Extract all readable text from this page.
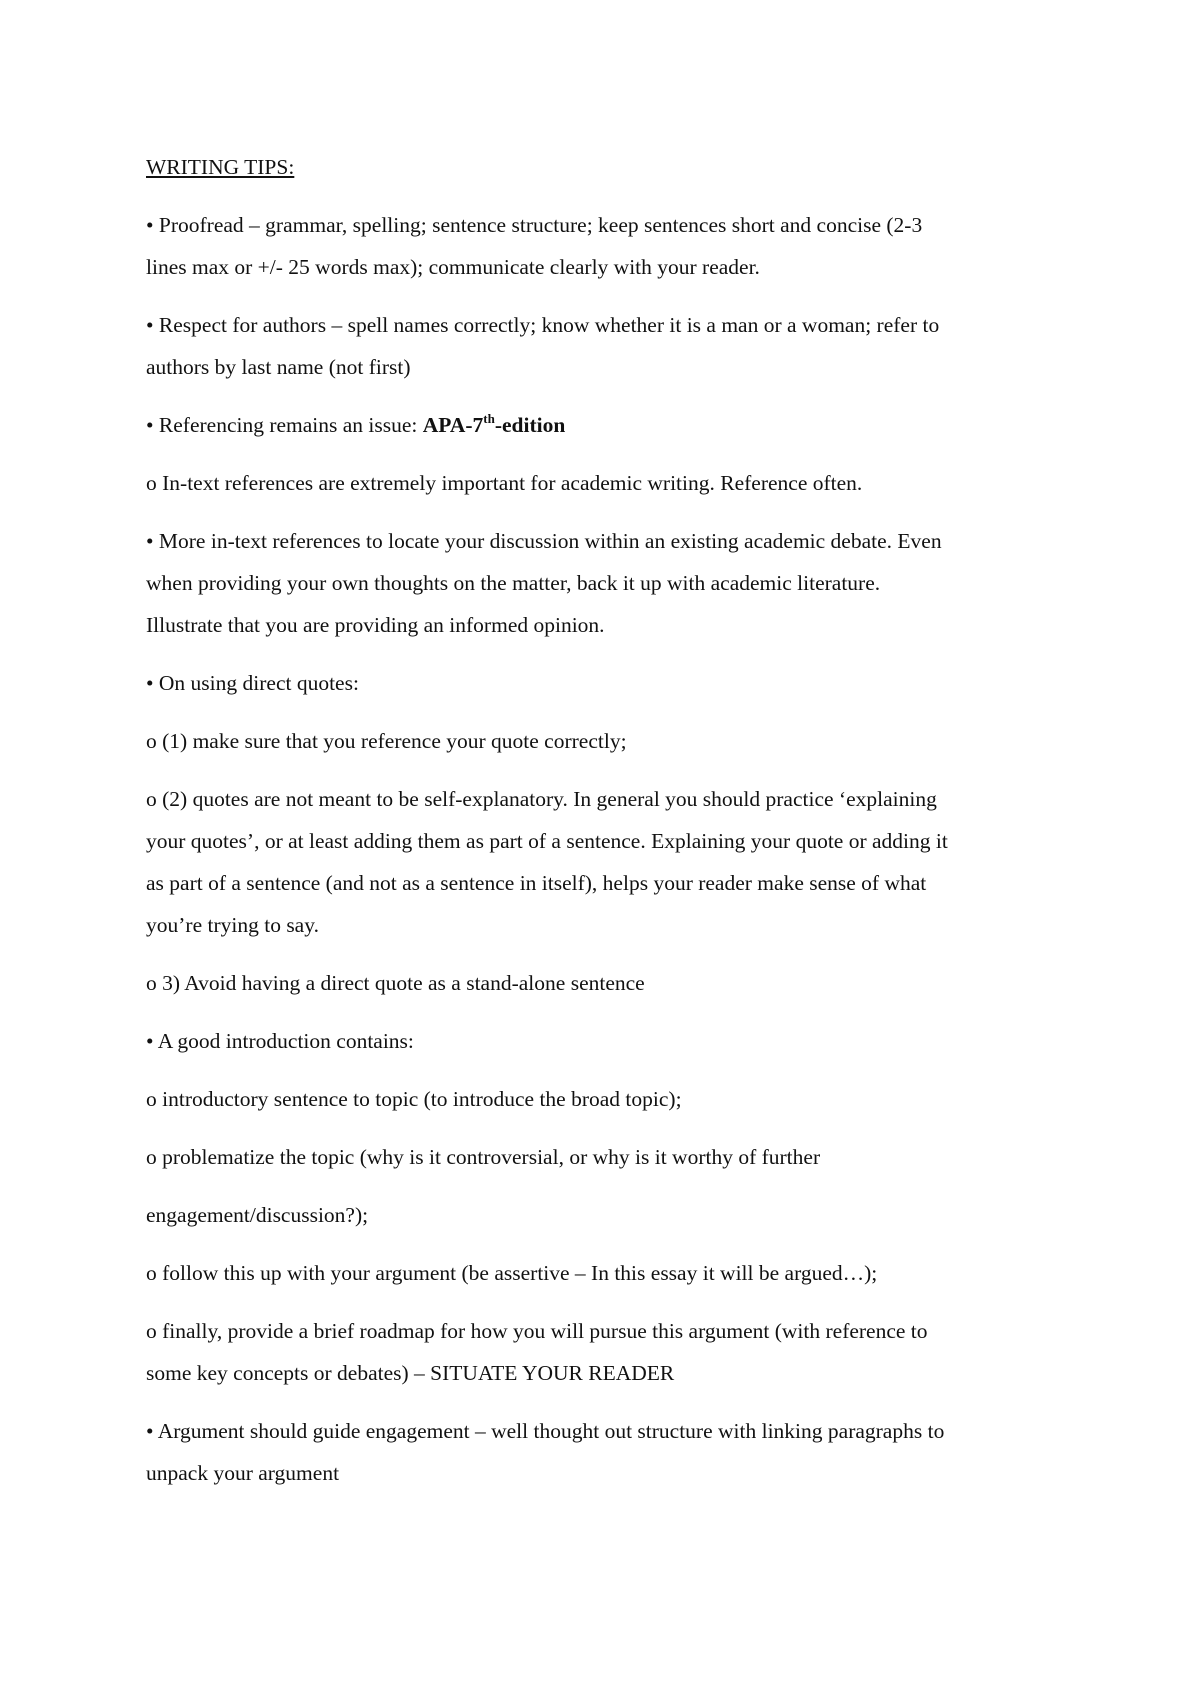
WRITING TIPS:
• Proofread – grammar, spelling; sentence structure; keep sentences short and concise (2-3
lines max or +/- 25 words max); communicate clearly with your reader.
• Respect for authors – spell names correctly; know whether it is a man or a woman; refer to
authors by last name (not first)
• Referencing remains an issue: APA-7th-edition
o In-text references are extremely important for academic writing. Reference often.
• More in-text references to locate your discussion within an existing academic debate. Even
when providing your own thoughts on the matter, back it up with academic literature.
Illustrate that you are providing an informed opinion.
• On using direct quotes:
o (1) make sure that you reference your quote correctly;
o (2) quotes are not meant to be self-explanatory. In general you should practice ‘explaining
your quotes’, or at least adding them as part of a sentence. Explaining your quote or adding it
as part of a sentence (and not as a sentence in itself), helps your reader make sense of what
you’re trying to say.
o 3) Avoid having a direct quote as a stand-alone sentence
• A good introduction contains:
o introductory sentence to topic (to introduce the broad topic);
o problematize the topic (why is it controversial, or why is it worthy of further
engagement/discussion?);
o follow this up with your argument (be assertive – In this essay it will be argued…);
o finally, provide a brief roadmap for how you will pursue this argument (with reference to
some key concepts or debates) – SITUATE YOUR READER
• Argument should guide engagement – well thought out structure with linking paragraphs to
unpack your argument
